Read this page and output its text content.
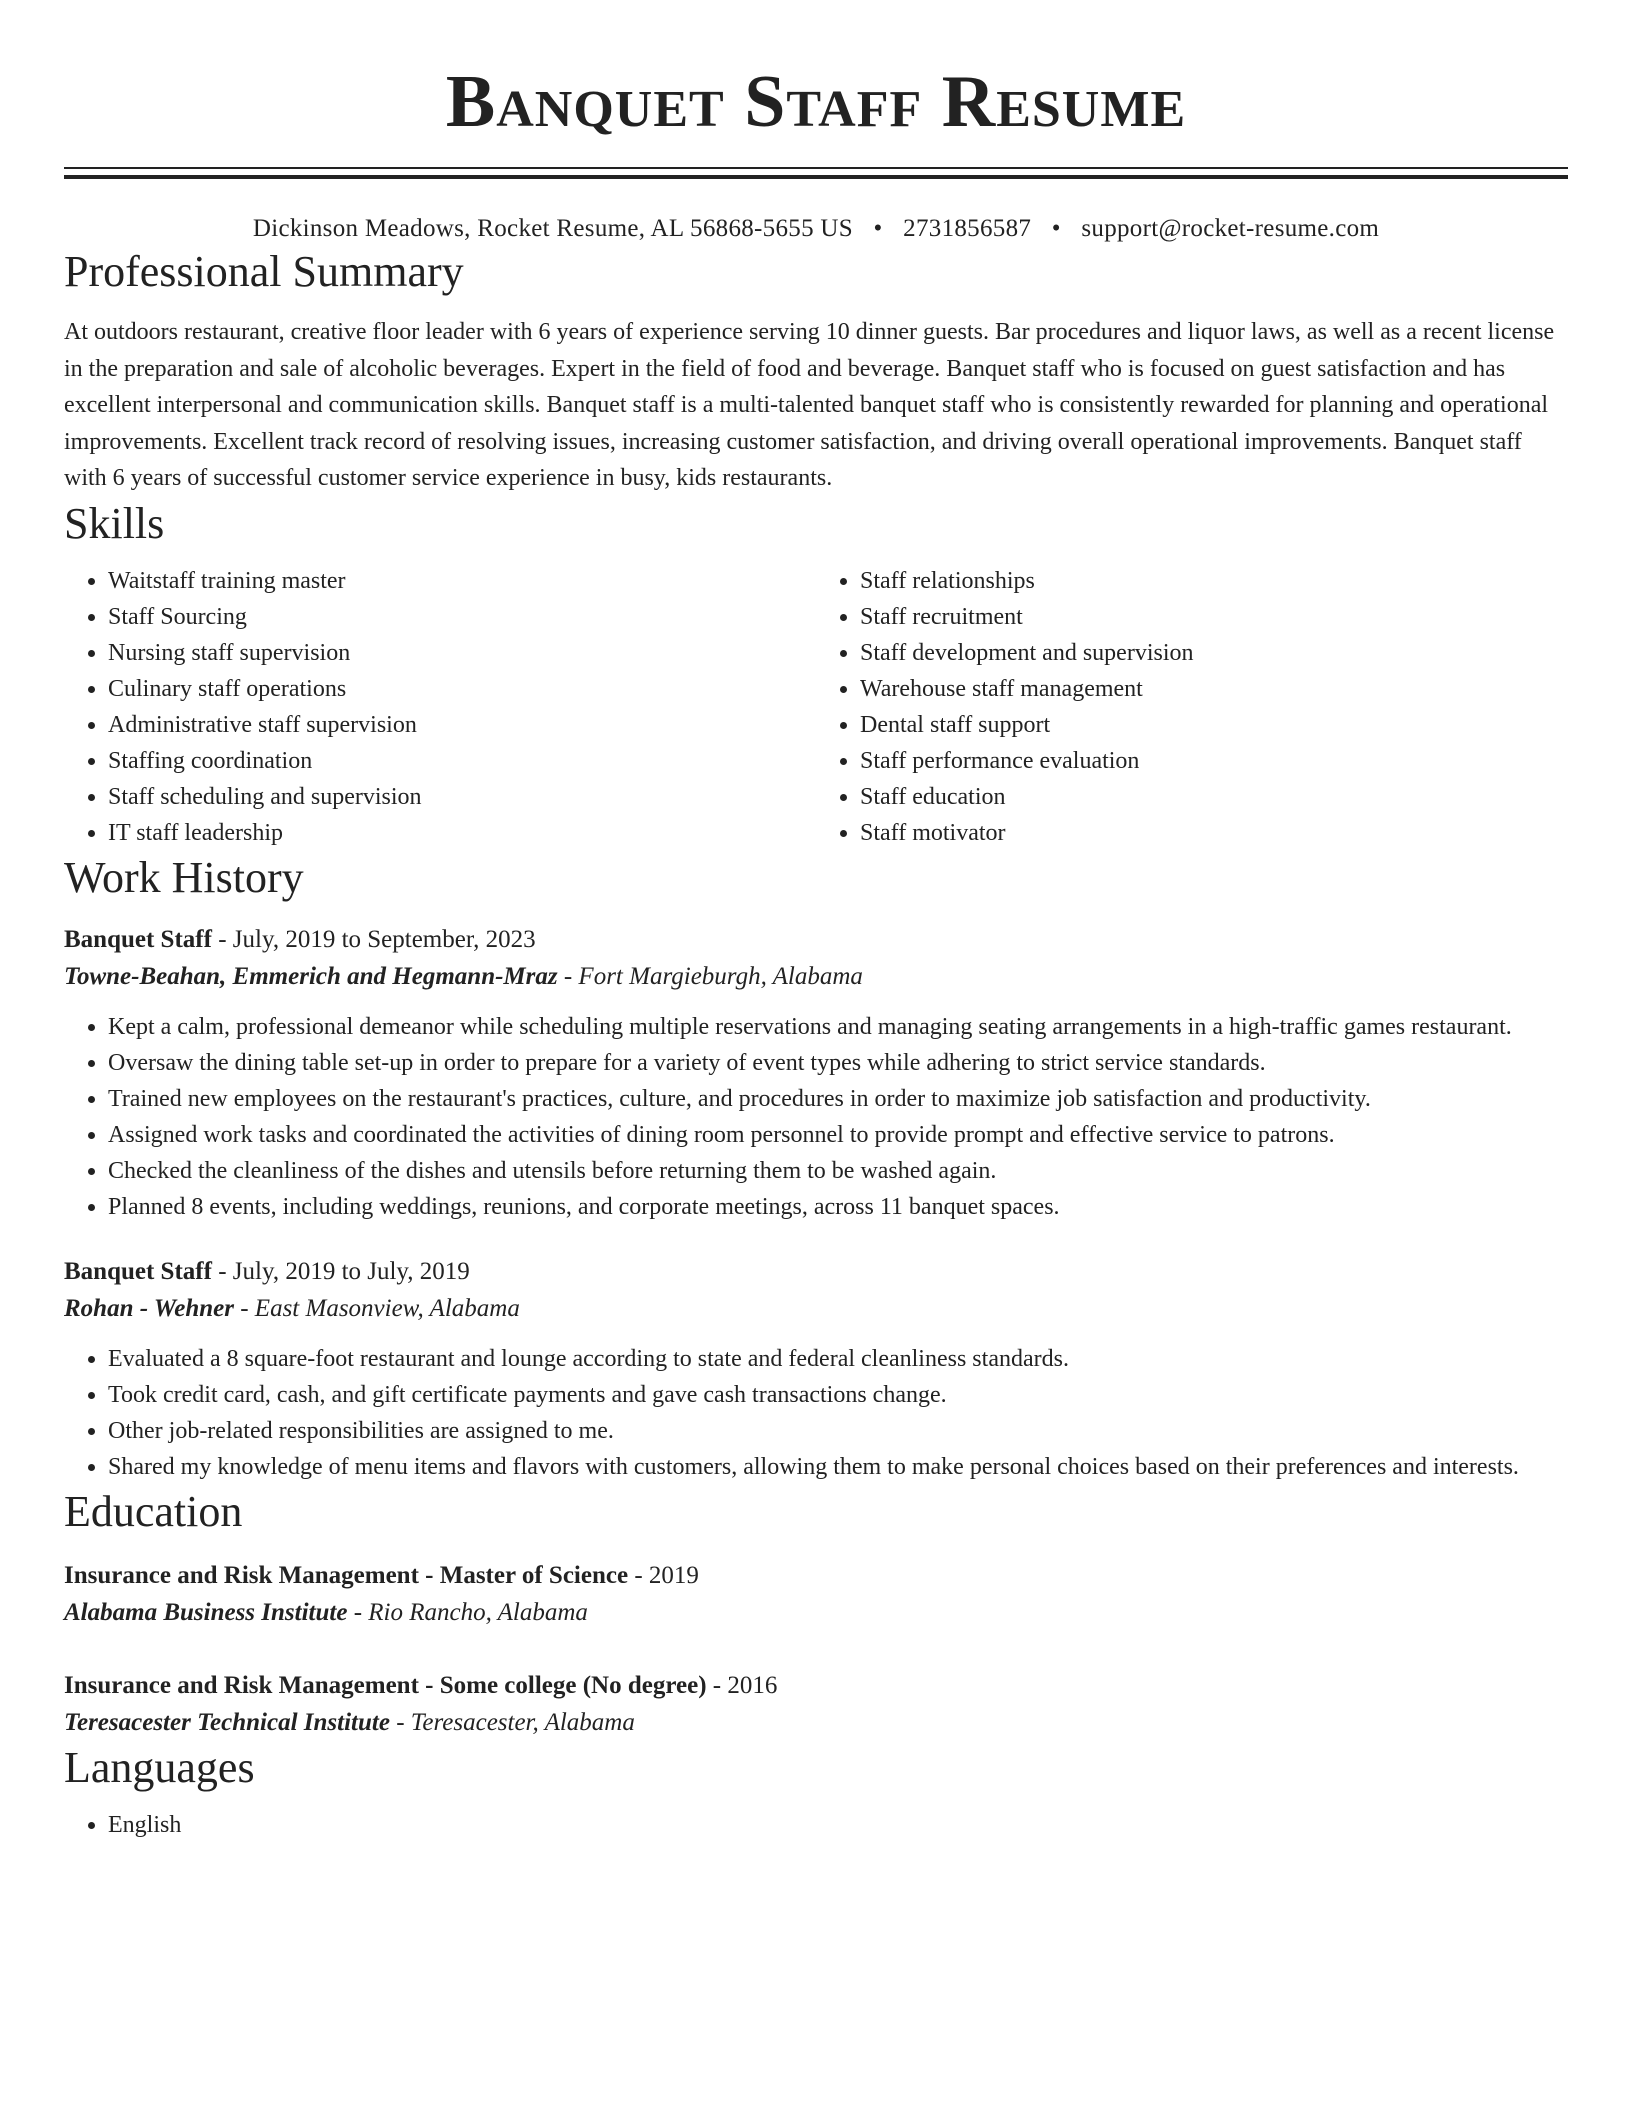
Banquet Staff Resume
Dickinson Meadows, Rocket Resume, AL 56868-5655 US • 2731856587 • support@rocket-resume.com
Professional Summary

At outdoors restaurant, creative floor leader with 6 years of experience serving 10 dinner guests. Bar procedures and liquor laws, as well as a recent license in the preparation and sale of alcoholic beverages. Expert in the field of food and beverage. Banquet staff who is focused on guest satisfaction and has excellent interpersonal and communication skills. Banquet staff is a multi-talented banquet staff who is consistently rewarded for planning and operational improvements. Excellent track record of resolving issues, increasing customer satisfaction, and driving overall operational improvements. Banquet staff with 6 years of successful customer service experience in busy, kids restaurants.

Skills
• Waitstaff training master
• Staff Sourcing
• Nursing staff supervision
• Culinary staff operations
• Administrative staff supervision
• Staffing coordination
• Staff scheduling and supervision
• IT staff leadership
• Staff relationships
• Staff recruitment
• Staff development and supervision
• Warehouse staff management
• Dental staff support
• Staff performance evaluation
• Staff education
• Staff motivator
Work History
Banquet Staff - July, 2019 to September, 2023
Towne-Beahan, Emmerich and Hegmann-Mraz - Fort Margieburgh, Alabama
• Kept a calm, professional demeanor while scheduling multiple reservations and managing seating arrangements in a high-traffic games restaurant.
• Oversaw the dining table set-up in order to prepare for a variety of event types while adhering to strict service standards.
• Trained new employees on the restaurant's practices, culture, and procedures in order to maximize job satisfaction and productivity.
• Assigned work tasks and coordinated the activities of dining room personnel to provide prompt and effective service to patrons.
• Checked the cleanliness of the dishes and utensils before returning them to be washed again.
• Planned 8 events, including weddings, reunions, and corporate meetings, across 11 banquet spaces.
Banquet Staff - July, 2019 to July, 2019
Rohan - Wehner - East Masonview, Alabama
• Evaluated a 8 square-foot restaurant and lounge according to state and federal cleanliness standards.
• Took credit card, cash, and gift certificate payments and gave cash transactions change.
• Other job-related responsibilities are assigned to me.
• Shared my knowledge of menu items and flavors with customers, allowing them to make personal choices based on their preferences and interests.
Education
Insurance and Risk Management - Master of Science - 2019
Alabama Business Institute - Rio Rancho, Alabama
Insurance and Risk Management - Some college (No degree) - 2016
Teresacester Technical Institute - Teresacester, Alabama
Languages
• English
